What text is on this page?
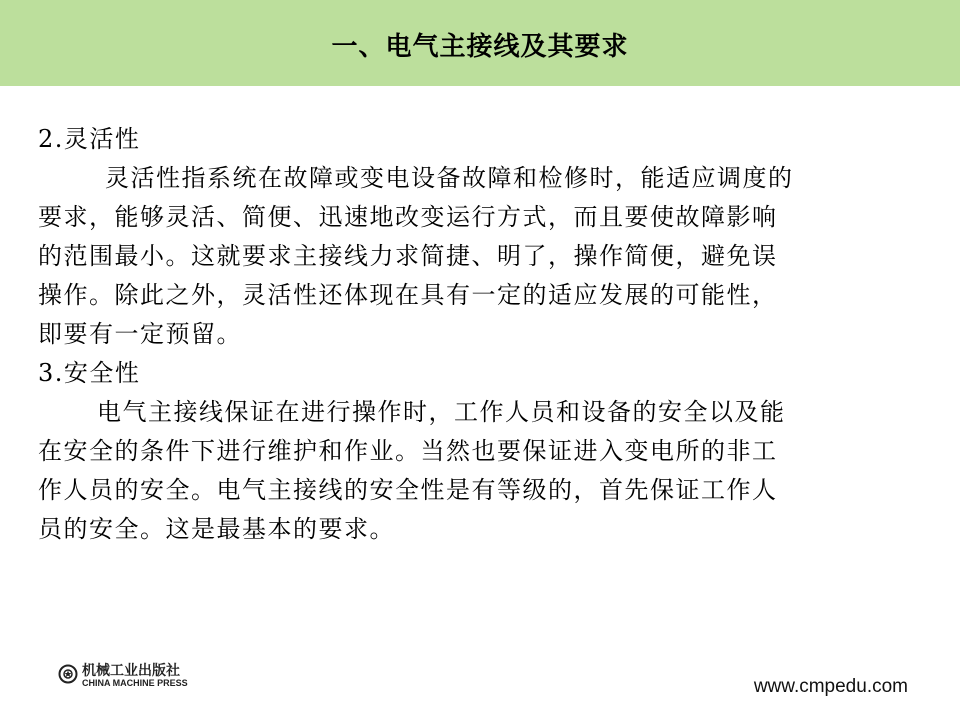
一、电气主接线及其要求
2.灵活性
灵活性指系统在故障或变电设备故障和检修时，能适应调度的
要求，能够灵活、简便、迅速地改变运行方式，而且要使故障影响
的范围最小。这就要求主接线力求简捷、明了，操作简便，避免误
操作。除此之外，灵活性还体现在具有一定的适应发展的可能性，
即要有一定预留。
3.安全性
电气主接线保证在进行操作时，工作人员和设备的安全以及能
在安全的条件下进行维护和作业。当然也要保证进入变电所的非工
作人员的安全。电气主接线的安全性是有等级的，首先保证工作人
员的安全。这是最基本的要求。
机械工业出版社
CHINA MACHINE PRESS	www.cmpedu.com
